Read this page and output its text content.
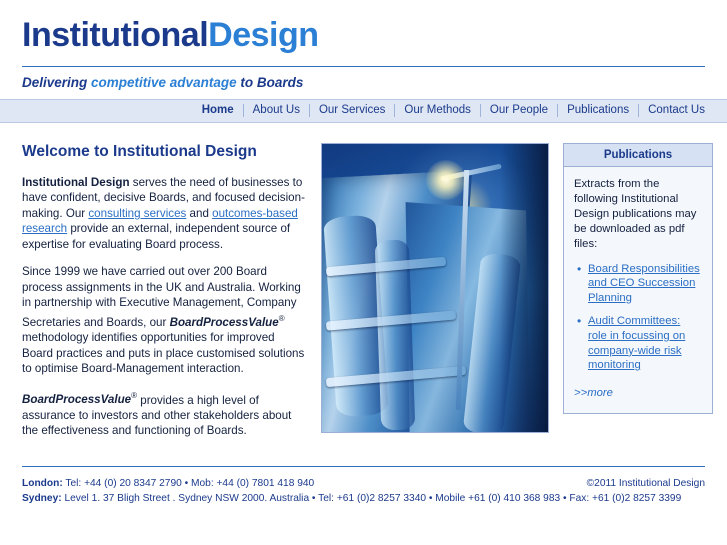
InstitutionalDesign
Delivering competitive advantage to Boards
Home	About Us	Our Services	Our Methods	Our People	Publications	Contact Us
Welcome to Institutional Design

Institutional Design serves the need of businesses to have confident, decisive Boards, and focused decision-making. Our consulting services and outcomes-based research provide an external, independent source of expertise for evaluating Board process.

Since 1999 we have carried out over 200 Board process assignments in the UK and Australia. Working in partnership with Executive Management, Company Secretaries and Boards, our BoardProcessValue® methodology identifies opportunities for improved Board practices and puts in place customised solutions to optimise Board-Management interaction.

BoardProcessValue® provides a high level of assurance to investors and other stakeholders about the effectiveness and functioning of Boards.

Publications

Extracts from the following Institutional Design publications may be downloaded as pdf files:

• Board Responsibilities and CEO Succession Planning
• Audit Committees: role in focussing on company-wide risk monitoring
>>more
London: Tel: +44 (0) 20 8347 2790 • Mob: +44 (0) 7801 418 940	©2011 Institutional Design
Sydney: Level 1. 37 Bligh Street . Sydney NSW 2000. Australia • Tel: +61 (0)2 8257 3340 • Mobile +61 (0) 410 368 983 • Fax: +61 (0)2 8257 3399
